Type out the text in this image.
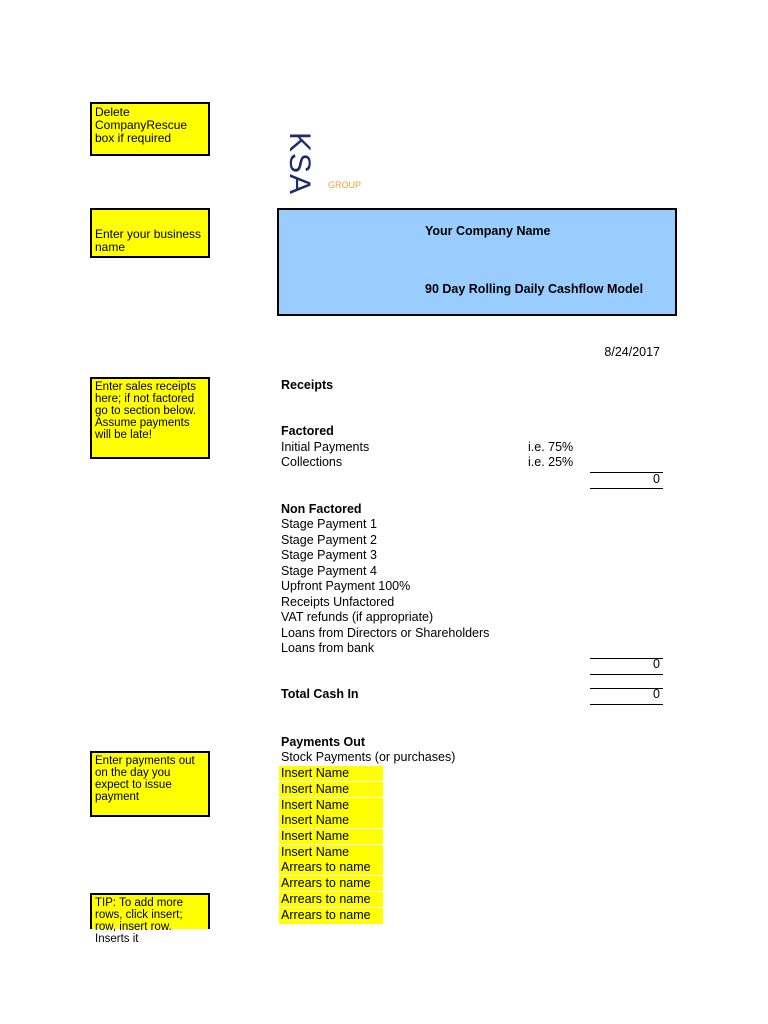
Delete CompanyRescue box if required
Enter your business name
Enter sales receipts here; if not factored go to section below. Assume payments will be late!
Enter payments out on the day you expect to issue payment
TIP: To add more rows, click insert; row, insert row. Inserts it
KSA GROUP
Your Company Name
90 Day Rolling Daily Cashflow Model
8/24/2017
Receipts
Factored
Initial Payments	i.e. 75%
Collections	i.e. 25%
0
Non Factored
Stage Payment 1
Stage Payment 2
Stage Payment 3
Stage Payment 4
Upfront Payment 100%
Receipts Unfactored
VAT refunds (if appropriate)
Loans from Directors or Shareholders
Loans from bank
0
Total Cash In	0
Payments Out
Stock Payments (or purchases)
Insert Name
Insert Name
Insert Name
Insert Name
Insert Name
Insert Name
Arrears to name
Arrears to name
Arrears to name
Arrears to name
